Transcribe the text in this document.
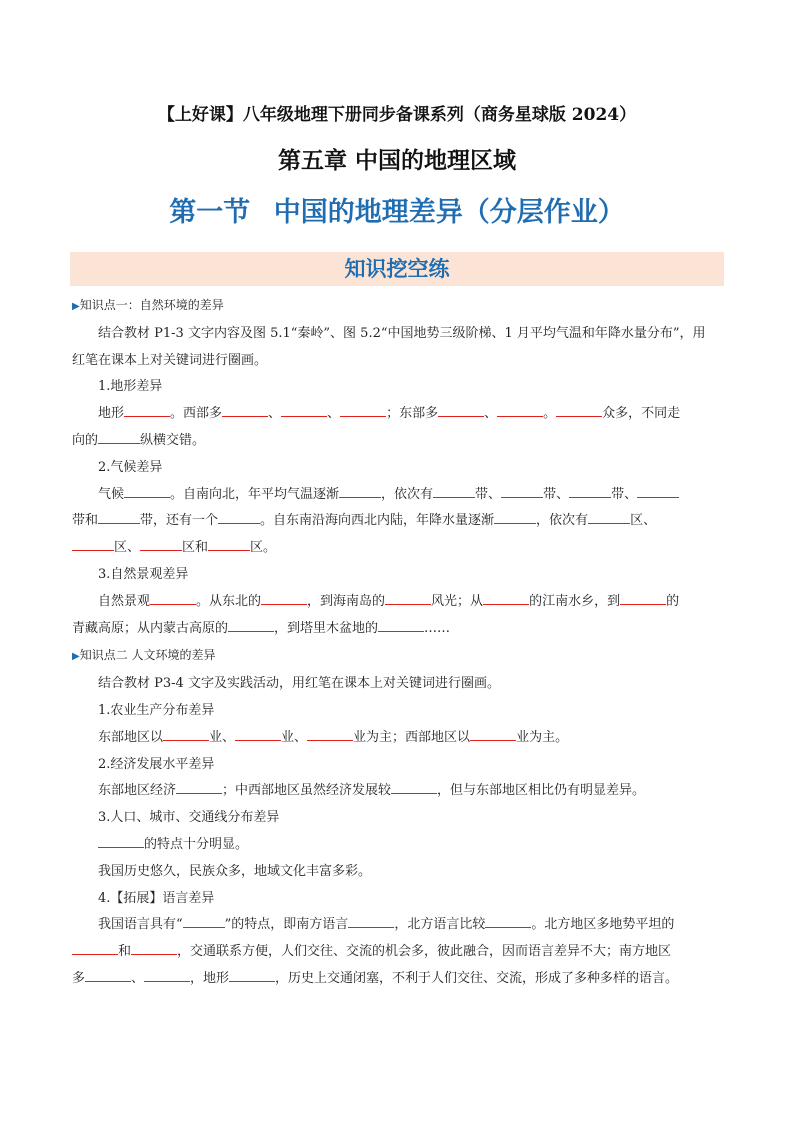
【上好课】八年级地理下册同步备课系列（商务星球版 2024）
第五章 中国的地理区域
第一节 中国的地理差异（分层作业）
知识挖空练

▶知识点一：自然环境的差异

结合教材 P1-3 文字内容及图 5.1“秦岭”、图 5.2“中国地势三级阶梯、1 月平均气温和年降水量分布”，用

红笔在课本上对关键词进行圈画。

1.地形差异

地形	。西部多	、	、	；东部多	、	。	众多，不同走

向的	纵横交错。

2.气候差异

气候	。自南向北，年平均气温逐渐	，依次有	带、	带、	带、

带和	带，还有一个	。自东南沿海向西北内陆，年降水量逐渐	，依次有	区、

区、	区和	区。

3.自然景观差异

自然景观	。从东北的	，到海南岛的	风光；从	的江南水乡，到	的

青藏高原；从内蒙古高原的	，到塔里木盆地的	……

▶知识点二 人文环境的差异

结合教材 P3-4 文字及实践活动，用红笔在课本上对关键词进行圈画。

1.农业生产分布差异

东部地区以	业、	业、	业为主；西部地区以	业为主。

2.经济发展水平差异

东部地区经济	；中西部地区虽然经济发展较	，但与东部地区相比仍有明显差异。

3.人口、城市、交通线分布差异

的特点十分明显。

我国历史悠久，民族众多，地域文化丰富多彩。

4.【拓展】语言差异

我国语言具有“	”的特点，即南方语言	，北方语言比较	。北方地区多地势平坦的

和	，交通联系方便，人们交往、交流的机会多，彼此融合，因而语言差异不大；南方地区

多	、	，地形	，历史上交通闭塞，不利于人们交往、交流，形成了多种多样的语言。
